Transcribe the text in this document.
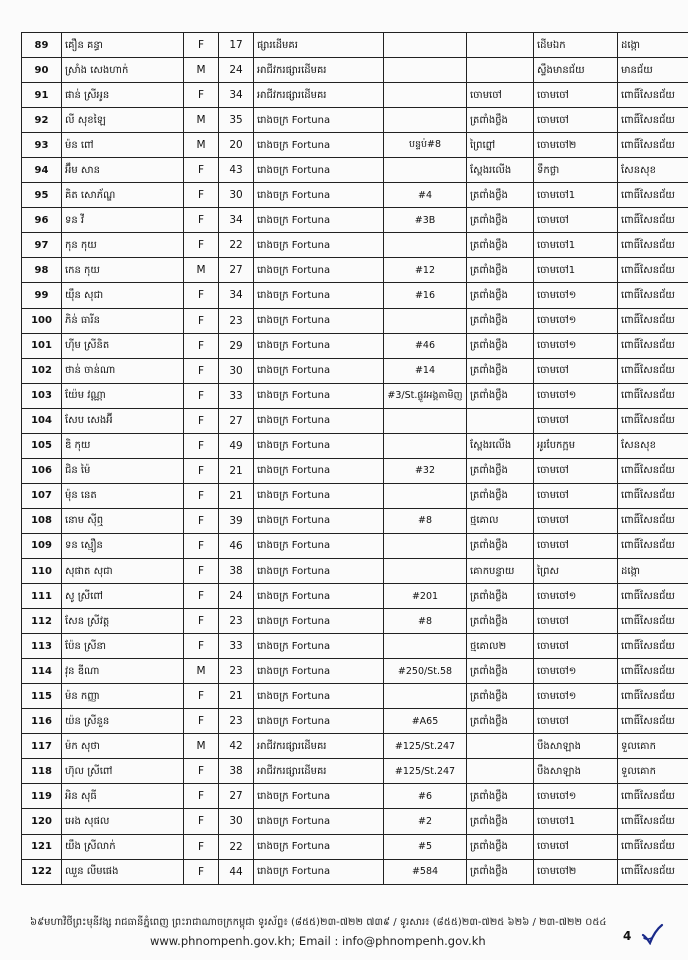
89	គឿន គន្ធា	F	17	ផ្សារដើមគរ			ដើមឯក	ដង្កោ
90	ស្រាំង សេងហាក់	M	24	អាជីវករផ្សារដើមគរ			ស្ទឹងមានជ័យ	មានជ័យ
91	ផាន់ ស្រីអូន	F	34	អាជីវករផ្សារដើមគរ		ចោមចៅ	ចោមចៅ	ពោធិ៍សែនជ័យ
92	លី សុខឡៃ	M	35	រោងចក្រ Fortuna		ត្រពាំងថ្លឹង	ចោមចៅ	ពោធិ៍សែនជ័យ
93	ម៉ន ពៅ	M	20	រោងចក្រ Fortuna	បន្ទប់#8	ព្រៃព្នៅ	ចោមចៅ២	ពោធិ៍សែនជ័យ
94	អ៊ឹម សាន	F	43	រោងចក្រ Fortuna		ស្ពែងរលើង	ទឹកថ្លា	សែនសុខ
95	គិត សោភ័ណ្ឌ	F	30	រោងចក្រ Fortuna	#4	ត្រពាំងថ្លឹង	ចោមចៅ1	ពោធិ៍សែនជ័យ
96	ទន វី	F	34	រោងចក្រ Fortuna	#3B	ត្រពាំងថ្លឹង	ចោមចៅ	ពោធិ៍សែនជ័យ
97	កុន កុយ	F	22	រោងចក្រ Fortuna		ត្រពាំងថ្លឹង	ចោមចៅ1	ពោធិ៍សែនជ័យ
98	កេន កុយ	M	27	រោងចក្រ Fortuna	#12	ត្រពាំងថ្លឹង	ចោមចៅ1	ពោធិ៍សែនជ័យ
99	យ៉ឹន សុជា	F	34	រោងចក្រ Fortuna	#16	ត្រពាំងថ្លឹង	ចោមចៅ១	ពោធិ៍សែនជ័យ
100	ភិន់ ធារីន	F	23	រោងចក្រ Fortuna		ត្រពាំងថ្លឹង	ចោមចៅ១	ពោធិ៍សែនជ័យ
101	ហ៊ីម ស្រីនិត	F	29	រោងចក្រ Fortuna	#46	ត្រពាំងថ្លឹង	ចោមចៅ១	ពោធិ៍សែនជ័យ
102	ថាន់ ចាន់ណា	F	30	រោងចក្រ Fortuna	#14	ត្រពាំងថ្លឹង	ចោមចៅ	ពោធិ៍សែនជ័យ
103	យ៉ែម វណ្ណា	F	33	រោងចក្រ Fortuna	#3/St.ផ្លូវអង្គតាមិញ	ត្រពាំងថ្លឹង	ចោមចៅ១	ពោធិ៍សែនជ័យ
104	សែប សេងអ៊ី	F	27	រោងចក្រ Fortuna			ចោមចៅ	ពោធិ៍សែនជ័យ
105	ឌិ កុយ	F	49	រោងចក្រ Fortuna		ស្ពែងរលើង	អូរបែកក្អម	សែនសុខ
106	ជិន ម៉ៃ	F	21	រោងចក្រ Fortuna	#32	ត្រពាំងថ្លឹង	ចោមចៅ	ពោធិ៍សែនជ័យ
107	ម៉ុន នេត	F	21	រោងចក្រ Fortuna		ត្រពាំងថ្លឹង	ចោមចៅ	ពោធិ៍សែនជ័យ
108	នោម ស៊ីឮ	F	39	រោងចក្រ Fortuna	#8	ថ្មគោល	ចោមចៅ	ពោធិ៍សែនជ័យ
109	ទន ស្មឿន	F	46	រោងចក្រ Fortuna		ត្រពាំងថ្លឹង	ចោមចៅ	ពោធិ៍សែនជ័យ
110	សុផាត សុជា	F	38	រោងចក្រ Fortuna		គោកបន្ទាយ	ព្រៃស	ដង្កោ
111	សូ ស្រីពៅ	F	24	រោងចក្រ Fortuna	#201	ត្រពាំងថ្លឹង	ចោមចៅ១	ពោធិ៍សែនជ័យ
112	សែន ស្រីវត្ត	F	23	រោងចក្រ Fortuna	#8	ត្រពាំងថ្លឹង	ចោមចៅ	ពោធិ៍សែនជ័យ
113	ប៉ែន ស្រីនា	F	33	រោងចក្រ Fortuna		ថ្មគោល២	ចោមចៅ	ពោធិ៍សែនជ័យ
114	វុន ឌីណា	M	23	រោងចក្រ Fortuna	#250/St.58	ត្រពាំងថ្លឹង	ចោមចៅ១	ពោធិ៍សែនជ័យ
115	ម៉ន កញ្ញា	F	21	រោងចក្រ Fortuna		ត្រពាំងថ្លឹង	ចោមចៅ១	ពោធិ៍សែនជ័យ
116	យ៉ន ស្រីនួន	F	23	រោងចក្រ Fortuna	#A65	ត្រពាំងថ្លឹង	ចោមចៅ	ពោធិ៍សែនជ័យ
117	ម៉ក សុថា	M	42	អាជីវករផ្សារដើមគរ	#125/St.247		បឹងសាឡាង	ទួលគោក
118	ហ៊ុល ស្រីពៅ	F	38	អាជីវករផ្សារដើមគរ	#125/St.247		បឹងសាឡាង	ទួលគោក
119	អិន សុធី	F	27	រោងចក្រ Fortuna	#6	ត្រពាំងថ្លឹង	ចោមចៅ១	ពោធិ៍សែនជ័យ
120	អេង សុផល	F	30	រោងចក្រ Fortuna	#2	ត្រពាំងថ្លឹង	ចោមចៅ1	ពោធិ៍សែនជ័យ
121	យឹង ស្រីលាក់	F	22	រោងចក្រ Fortuna	#5	ត្រពាំងថ្លឹង	ចោមចៅ	ពោធិ៍សែនជ័យ
122	ឈួន លីមផេង	F	44	រោងចក្រ Fortuna	#584	ត្រពាំងថ្លឹង	ចោមចៅ២	ពោធិ៍សែនជ័យ
៦៩មហាវិថីព្រះមុនីវង្ស រាជធានីភ្នំពេញ ព្រះរាជាណាចក្រកម្ពុជា ទូរស័ព្ទ៖ (៨៥៥)២៣-៧២២ ៧៣៩ / ទូរសារ៖ (៨៥៥)២៣-៧២៥ ៦២៦ / ២៣-៧២២ ០៥៤
www.phnompenh.gov.kh; Email : info@phnompenh.gov.kh	4
